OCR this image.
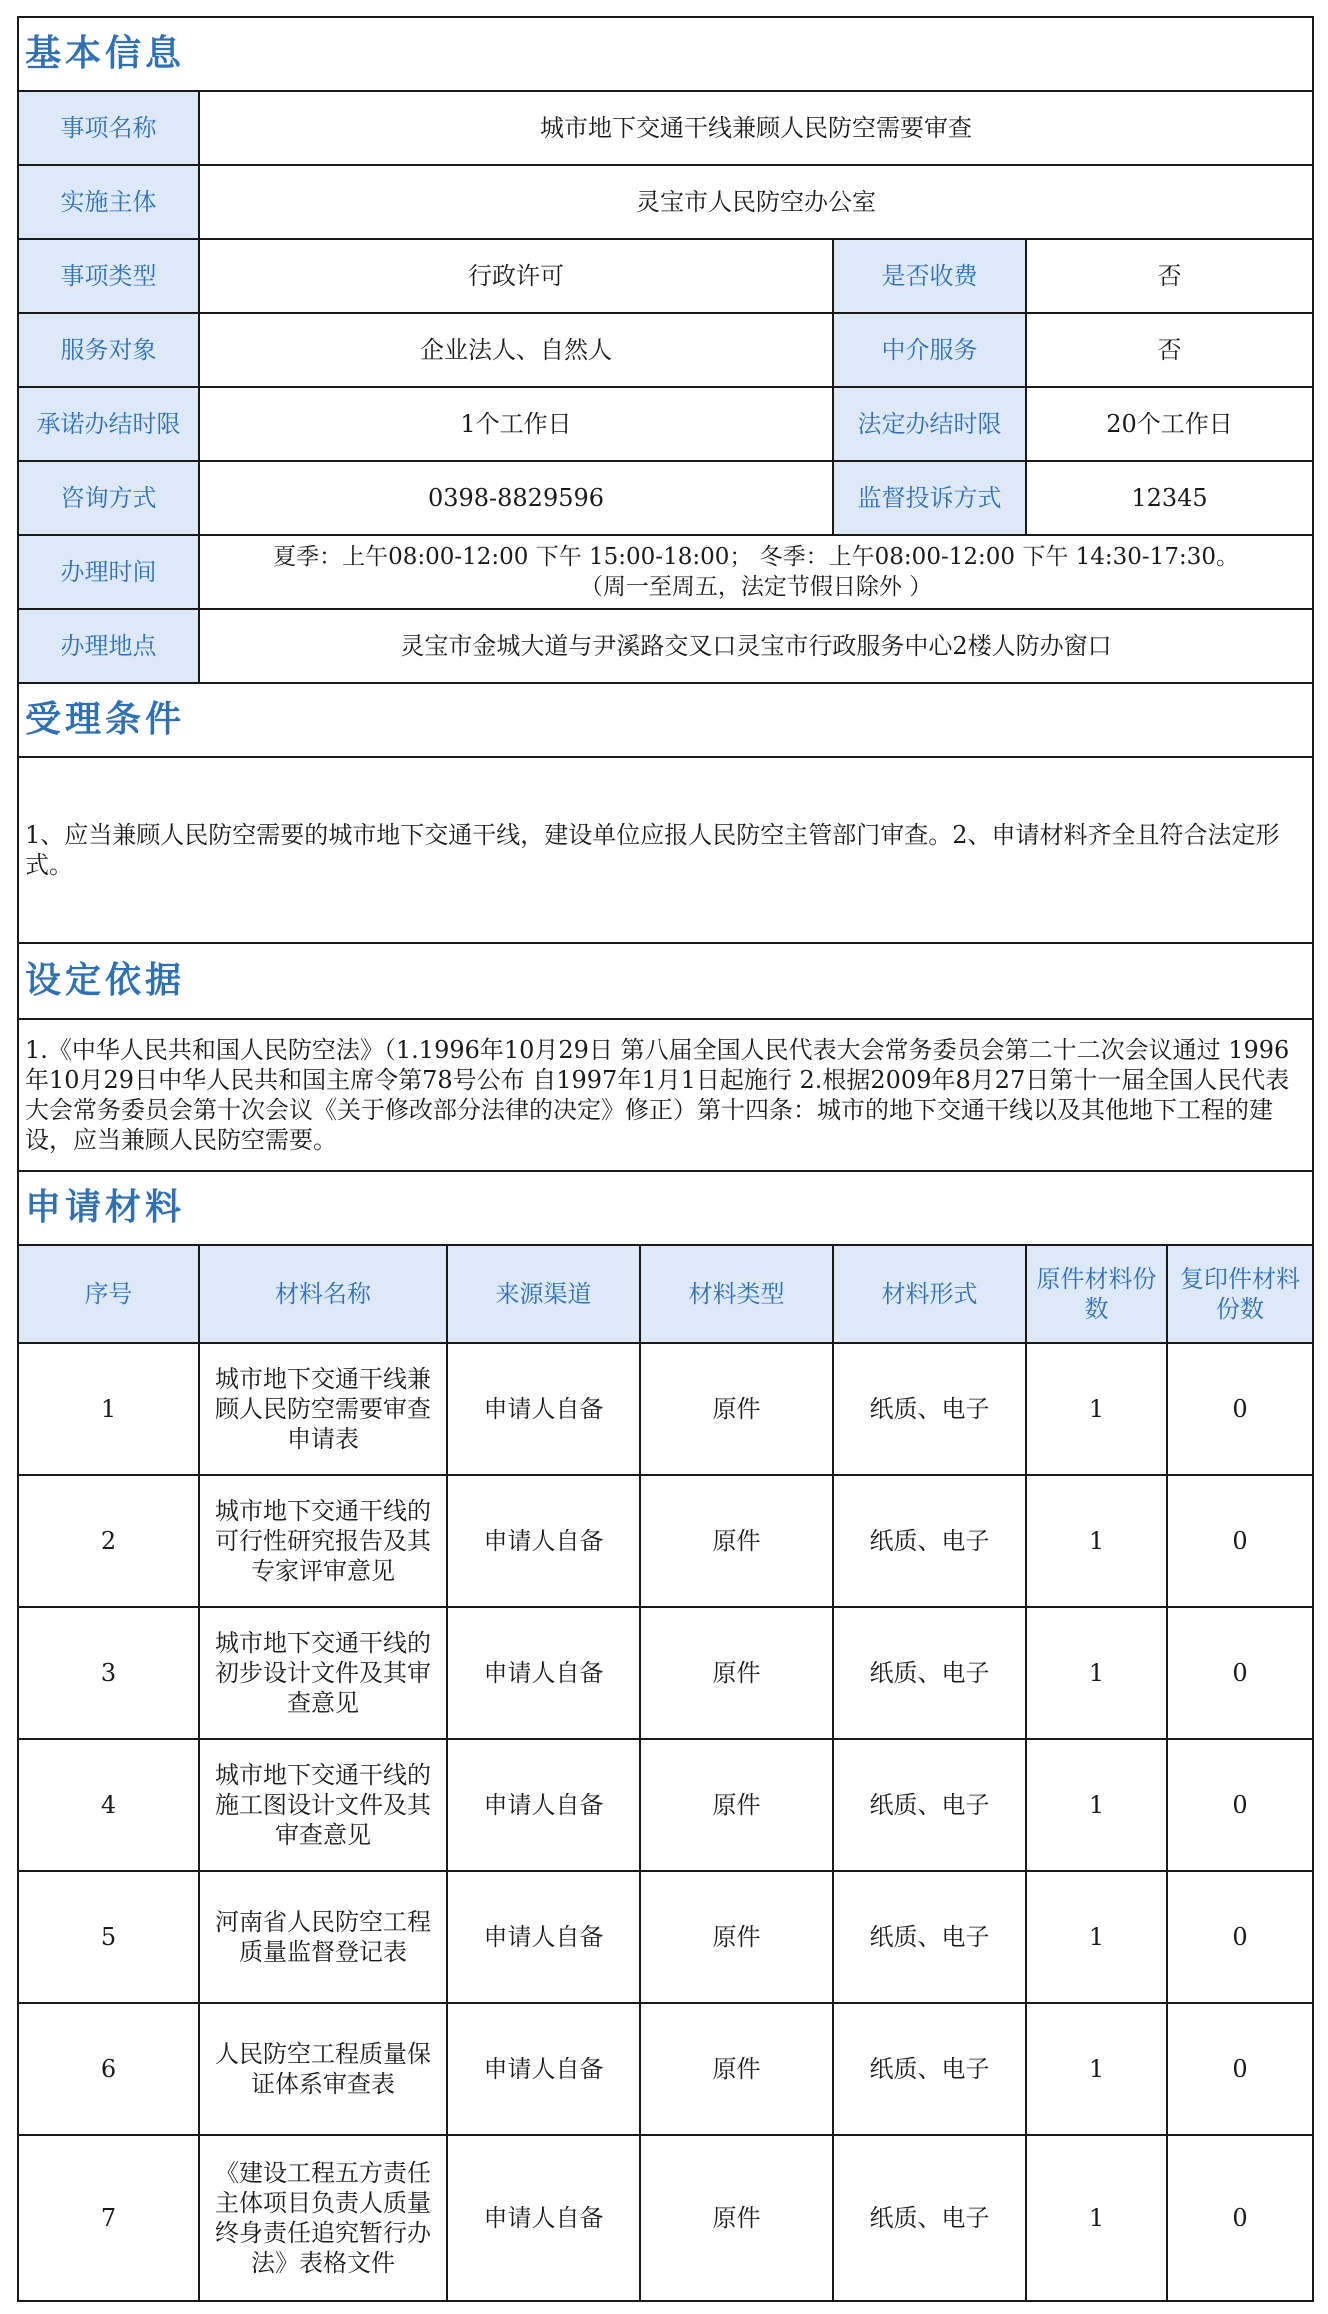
基本信息						
事项名称	城市地下交通干线兼顾人民防空需要审查					
实施主体	灵宝市人民防空办公室					
事项类型	行政许可			是否收费	否	
服务对象	企业法人、自然人			中介服务	否	
承诺办结时限	1个工作日			法定办结时限	20个工作日	
咨询方式	0398-8829596			监督投诉方式	12345	
办理时间	夏季：上午08:00-12:00 下午 15:00-18:00； 冬季：上午08:00-12:00 下午 14:30-17:30。
（周一至周五，法定节假日除外 ）					

办理地点	灵宝市金城大道与尹溪路交叉口灵宝市行政服务中心2楼人防办窗口					
受理条件						
1、应当兼顾人民防空需要的城市地下交通干线，建设单位应报人民防空主管部门审查。2、申请材料齐全且符合法定形式。						
设定依据						
1.《中华人民共和国人民防空法》（1.1996年10月29日 第八届全国人民代表大会常务委员会第二十二次会议通过 1996年10月29日中华人民共和国主席令第78号公布 自1997年1月1日起施行 2.根据2009年8月27日第十一届全国人民代表大会常务委员会第十次会议《关于修改部分法律的决定》修正）第十四条：城市的地下交通干线以及其他地下工程的建设，应当兼顾人民防空需要。						
申请材料						
序号	材料名称	来源渠道	材料类型	材料形式	原件材料份数	复印件材料份数
1	城市地下交通干线兼顾人民防空需要审查申请表	申请人自备	原件	纸质、电子	1	0
2	城市地下交通干线的可行性研究报告及其专家评审意见	申请人自备	原件	纸质、电子	1	0
3	城市地下交通干线的初步设计文件及其审查意见	申请人自备	原件	纸质、电子	1	0
4	城市地下交通干线的施工图设计文件及其审查意见	申请人自备	原件	纸质、电子	1	0
5	河南省人民防空工程质量监督登记表	申请人自备	原件	纸质、电子	1	0
6	人民防空工程质量保证体系审查表	申请人自备	原件	纸质、电子	1	0
7	《建设工程五方责任主体项目负责人质量终身责任追究暂行办法》表格文件	申请人自备	原件	纸质、电子	1	0
